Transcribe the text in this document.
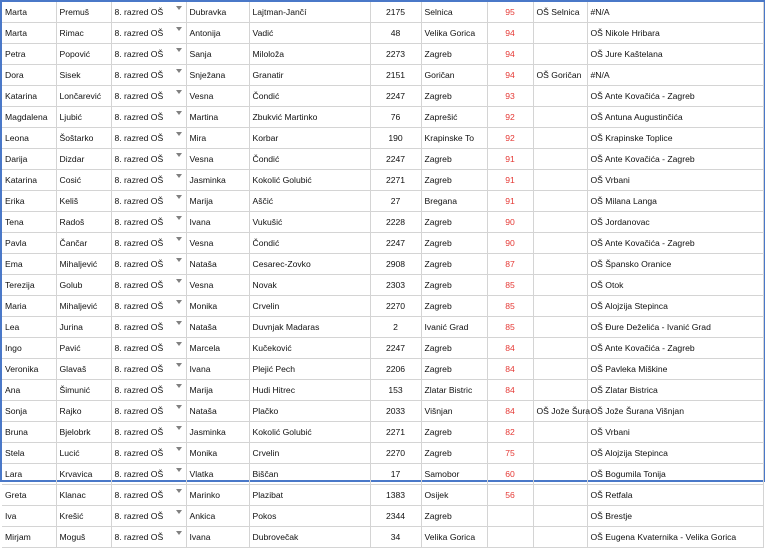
Marta	Premuš	8. razred OŠ	Dubravka	Lajtman-Jančí	2175	Selnica	95	OŠ Selnica	#N/A
Marta	Rimac	8. razred OŠ	Antonija	Vadić	48	Velika Gorica	94		OŠ Nikole Hribara
Petra	Popović	8. razred OŠ	Sanja	Miloloža	2273	Zagreb	94		OŠ Jure Kaštelana
Dora	Sisek	8. razred OŠ	Snježana	Granatir	2151	Goričan	94	OŠ Goričan	#N/A
Katarina	Lončarević	8. razred OŠ	Vesna	Čondić	2247	Zagreb	93		OŠ Ante Kovačića - Zagreb
Magdalena	Ljubić	8. razred OŠ	Martina	Zbukvić Martinko	76	Zaprešić	92		OŠ Antuna Augustinčića
Leona	Šoštarko	8. razred OŠ	Mira	Korbar	190	Krapinske To	92		OŠ Krapinske Toplice
Darija	Dizdar	8. razred OŠ	Vesna	Čondić	2247	Zagreb	91		OŠ Ante Kovačića - Zagreb
Katarina	Cosić	8. razred OŠ	Jasminka	Kokolić Golubić	2271	Zagreb	91		OŠ Vrbani
Erika	Keliš	8. razred OŠ	Marija	Aščić	27	Bregana	91		OŠ Milana Langa
Tena	Radoš	8. razred OŠ	Ivana	Vukušić	2228	Zagreb	90		OŠ Jordanovac
Pavla	Čančar	8. razred OŠ	Vesna	Čondić	2247	Zagreb	90		OŠ Ante Kovačića - Zagreb
Ema	Mihaljević	8. razred OŠ	Nataša	Cesarec-Zovko	2908	Zagreb	87		OŠ Špansko Oranice
Terezija	Golub	8. razred OŠ	Vesna	Novak	2303	Zagreb	85		OŠ Otok
Maria	Mihaljević	8. razred OŠ	Monika	Crvelin	2270	Zagreb	85		OŠ Alojzija Stepinca
Lea	Jurina	8. razred OŠ	Nataša	Duvnjak Madaras	2	Ivanić Grad	85		OŠ Đure Deželića - Ivanić Grad
Ingo	Pavić	8. razred OŠ	Marcela	Kučeković	2247	Zagreb	84		OŠ Ante Kovačića - Zagreb
Veronika	Glavaš	8. razred OŠ	Ivana	Plejić Pech	2206	Zagreb	84		OŠ Pavleka Miškine
Ana	Šimunić	8. razred OŠ	Marija	Hudi Hitrec	153	Zlatar Bistric	84		OŠ Zlatar Bistrica
Sonja	Rajko	8. razred OŠ	Nataša	Plačko	2033	Višnjan	84	OŠ Jože Šura	OŠ Jože Šurana Višnjan
Bruna	Bjelobrk	8. razred OŠ	Jasminka	Kokolić Golubić	2271	Zagreb	82		OŠ Vrbani
Stela	Lucić	8. razred OŠ	Monika	Crvelin	2270	Zagreb	75		OŠ Alojzija Stepinca
Lara	Krvavica	8. razred OŠ	Vlatka	Biščan	17	Samobor	60		OŠ Bogumila Tonija
Greta	Klanac	8. razred OŠ	Marinko	Plazibat	1383	Osijek	56		OŠ Retfala
Iva	Krešić	8. razred OŠ	Ankica	Pokos	2344	Zagreb			OŠ Brestje
Mirjam	Moguš	8. razred OŠ	Ivana	Dubrovečak	34	Velika Gorica			OŠ Eugena Kvaternika - Velika Gorica
